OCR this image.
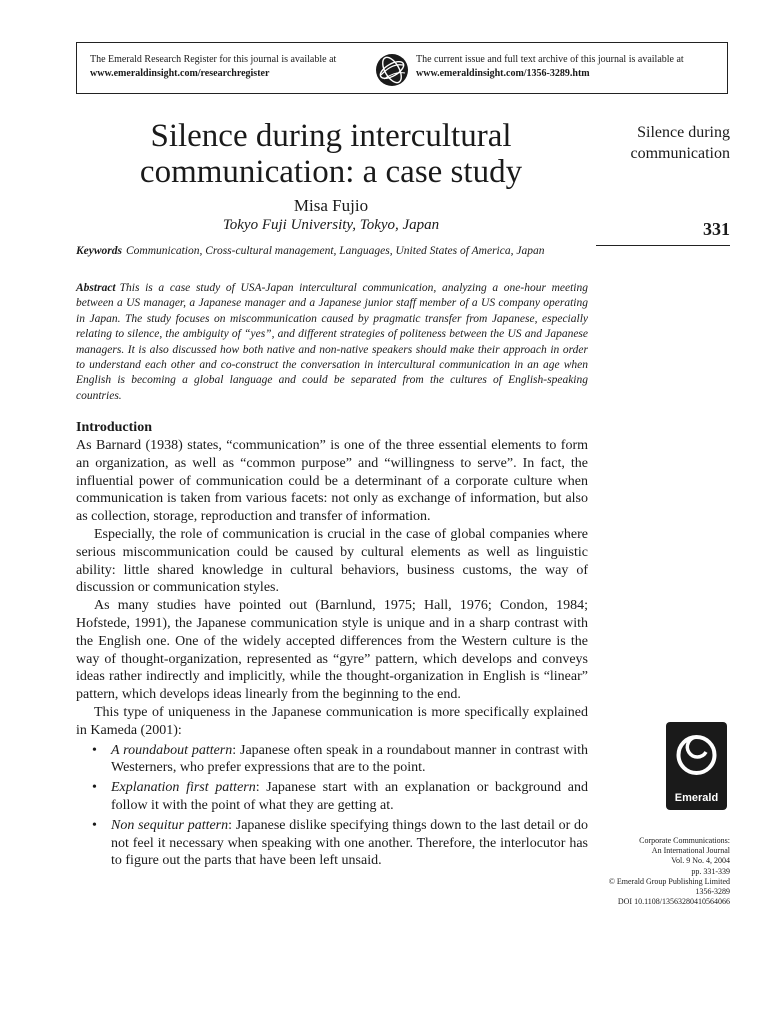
The Emerald Research Register for this journal is available at
www.emeraldinsight.com/researchregister
The current issue and full text archive of this journal is available at
www.emeraldinsight.com/1356-3289.htm
Silence during intercultural communication: a case study
Misa Fujio
Tokyo Fuji University, Tokyo, Japan
Silence during communication
331
Keywords Communication, Cross-cultural management, Languages, United States of America, Japan
Abstract This is a case study of USA-Japan intercultural communication, analyzing a one-hour meeting between a US manager, a Japanese manager and a Japanese junior staff member of a US company operating in Japan. The study focuses on miscommunication caused by pragmatic transfer from Japanese, especially relating to silence, the ambiguity of “yes”, and different strategies of politeness between the US and Japanese managers. It is also discussed how both native and non-native speakers should make their approach in order to understand each other and co-construct the conversation in intercultural communication in an age when English is becoming a global language and could be separated from the cultures of English-speaking countries.
Introduction

As Barnard (1938) states, “communication” is one of the three essential elements to form an organization, as well as “common purpose” and “willingness to serve”. In fact, the influential power of communication could be a determinant of a corporate culture when communication is taken from various facets: not only as exchange of information, but also as collection, storage, reproduction and transfer of information.

Especially, the role of communication is crucial in the case of global companies where serious miscommunication could be caused by cultural elements as well as linguistic ability: little shared knowledge in cultural behaviors, business customs, the way of discussion or communication styles.

As many studies have pointed out (Barnlund, 1975; Hall, 1976; Condon, 1984; Hofstede, 1991), the Japanese communication style is unique and in a sharp contrast with the English one. One of the widely accepted differences from the Western culture is the way of thought-organization, represented as “gyre” pattern, which develops and conveys ideas rather indirectly and implicitly, while the thought-organization in English is “linear” pattern, which develops ideas linearly from the beginning to the end.

This type of uniqueness in the Japanese communication is more specifically explained in Kameda (2001):

• A roundabout pattern: Japanese often speak in a roundabout manner in contrast with Westerners, who prefer expressions that are to the point.
• Explanation first pattern: Japanese start with an explanation or background and follow it with the point of what they are getting at.
• Non sequitur pattern: Japanese dislike specifying things down to the last detail or do not feel it necessary when speaking with one another. Therefore, the interlocutor has to figure out the parts that have been left unsaid.
Emerald
Corporate Communications:
An International Journal
Vol. 9 No. 4, 2004
pp. 331-339
© Emerald Group Publishing Limited
1356-3289
DOI 10.1108/13563280410564066
